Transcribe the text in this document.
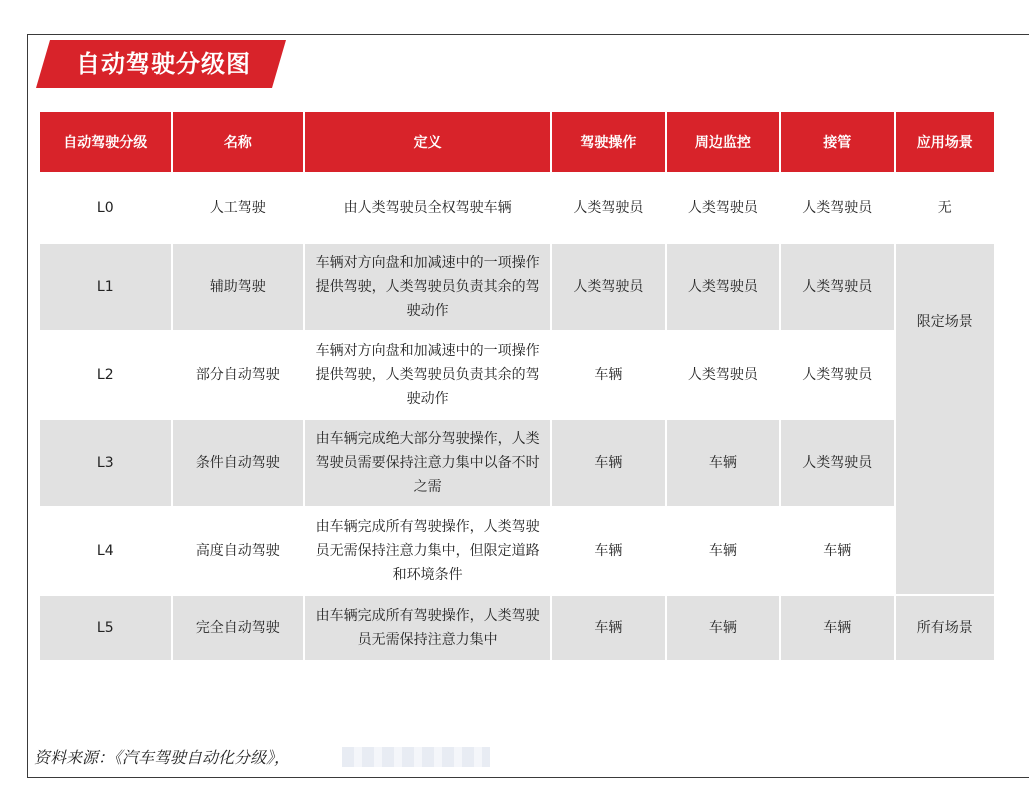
自动驾驶分级图
自动驾驶分级	名称	定义	驾驶操作	周边监控	接管	应用场景
L0	人工驾驶	由人类驾驶员全权驾驶车辆	人类驾驶员	人类驾驶员	人类驾驶员	无
L1	辅助驾驶	车辆对方向盘和加减速中的一项操作提供驾驶，人类驾驶员负责其余的驾驶动作	人类驾驶员	人类驾驶员	人类驾驶员	限定场景
L2	部分自动驾驶	车辆对方向盘和加减速中的一项操作提供驾驶，人类驾驶员负责其余的驾驶动作	车辆	人类驾驶员	人类驾驶员	
L3	条件自动驾驶	由车辆完成绝大部分驾驶操作，人类驾驶员需要保持注意力集中以备不时之需	车辆	车辆	人类驾驶员	
L4	高度自动驾驶	由车辆完成所有驾驶操作，人类驾驶员无需保持注意力集中，但限定道路和环境条件	车辆	车辆	车辆	
L5	完全自动驾驶	由车辆完成所有驾驶操作，人类驾驶员无需保持注意力集中	车辆	车辆	车辆	所有场景
资料来源：《汽车驾驶自动化分级》，
